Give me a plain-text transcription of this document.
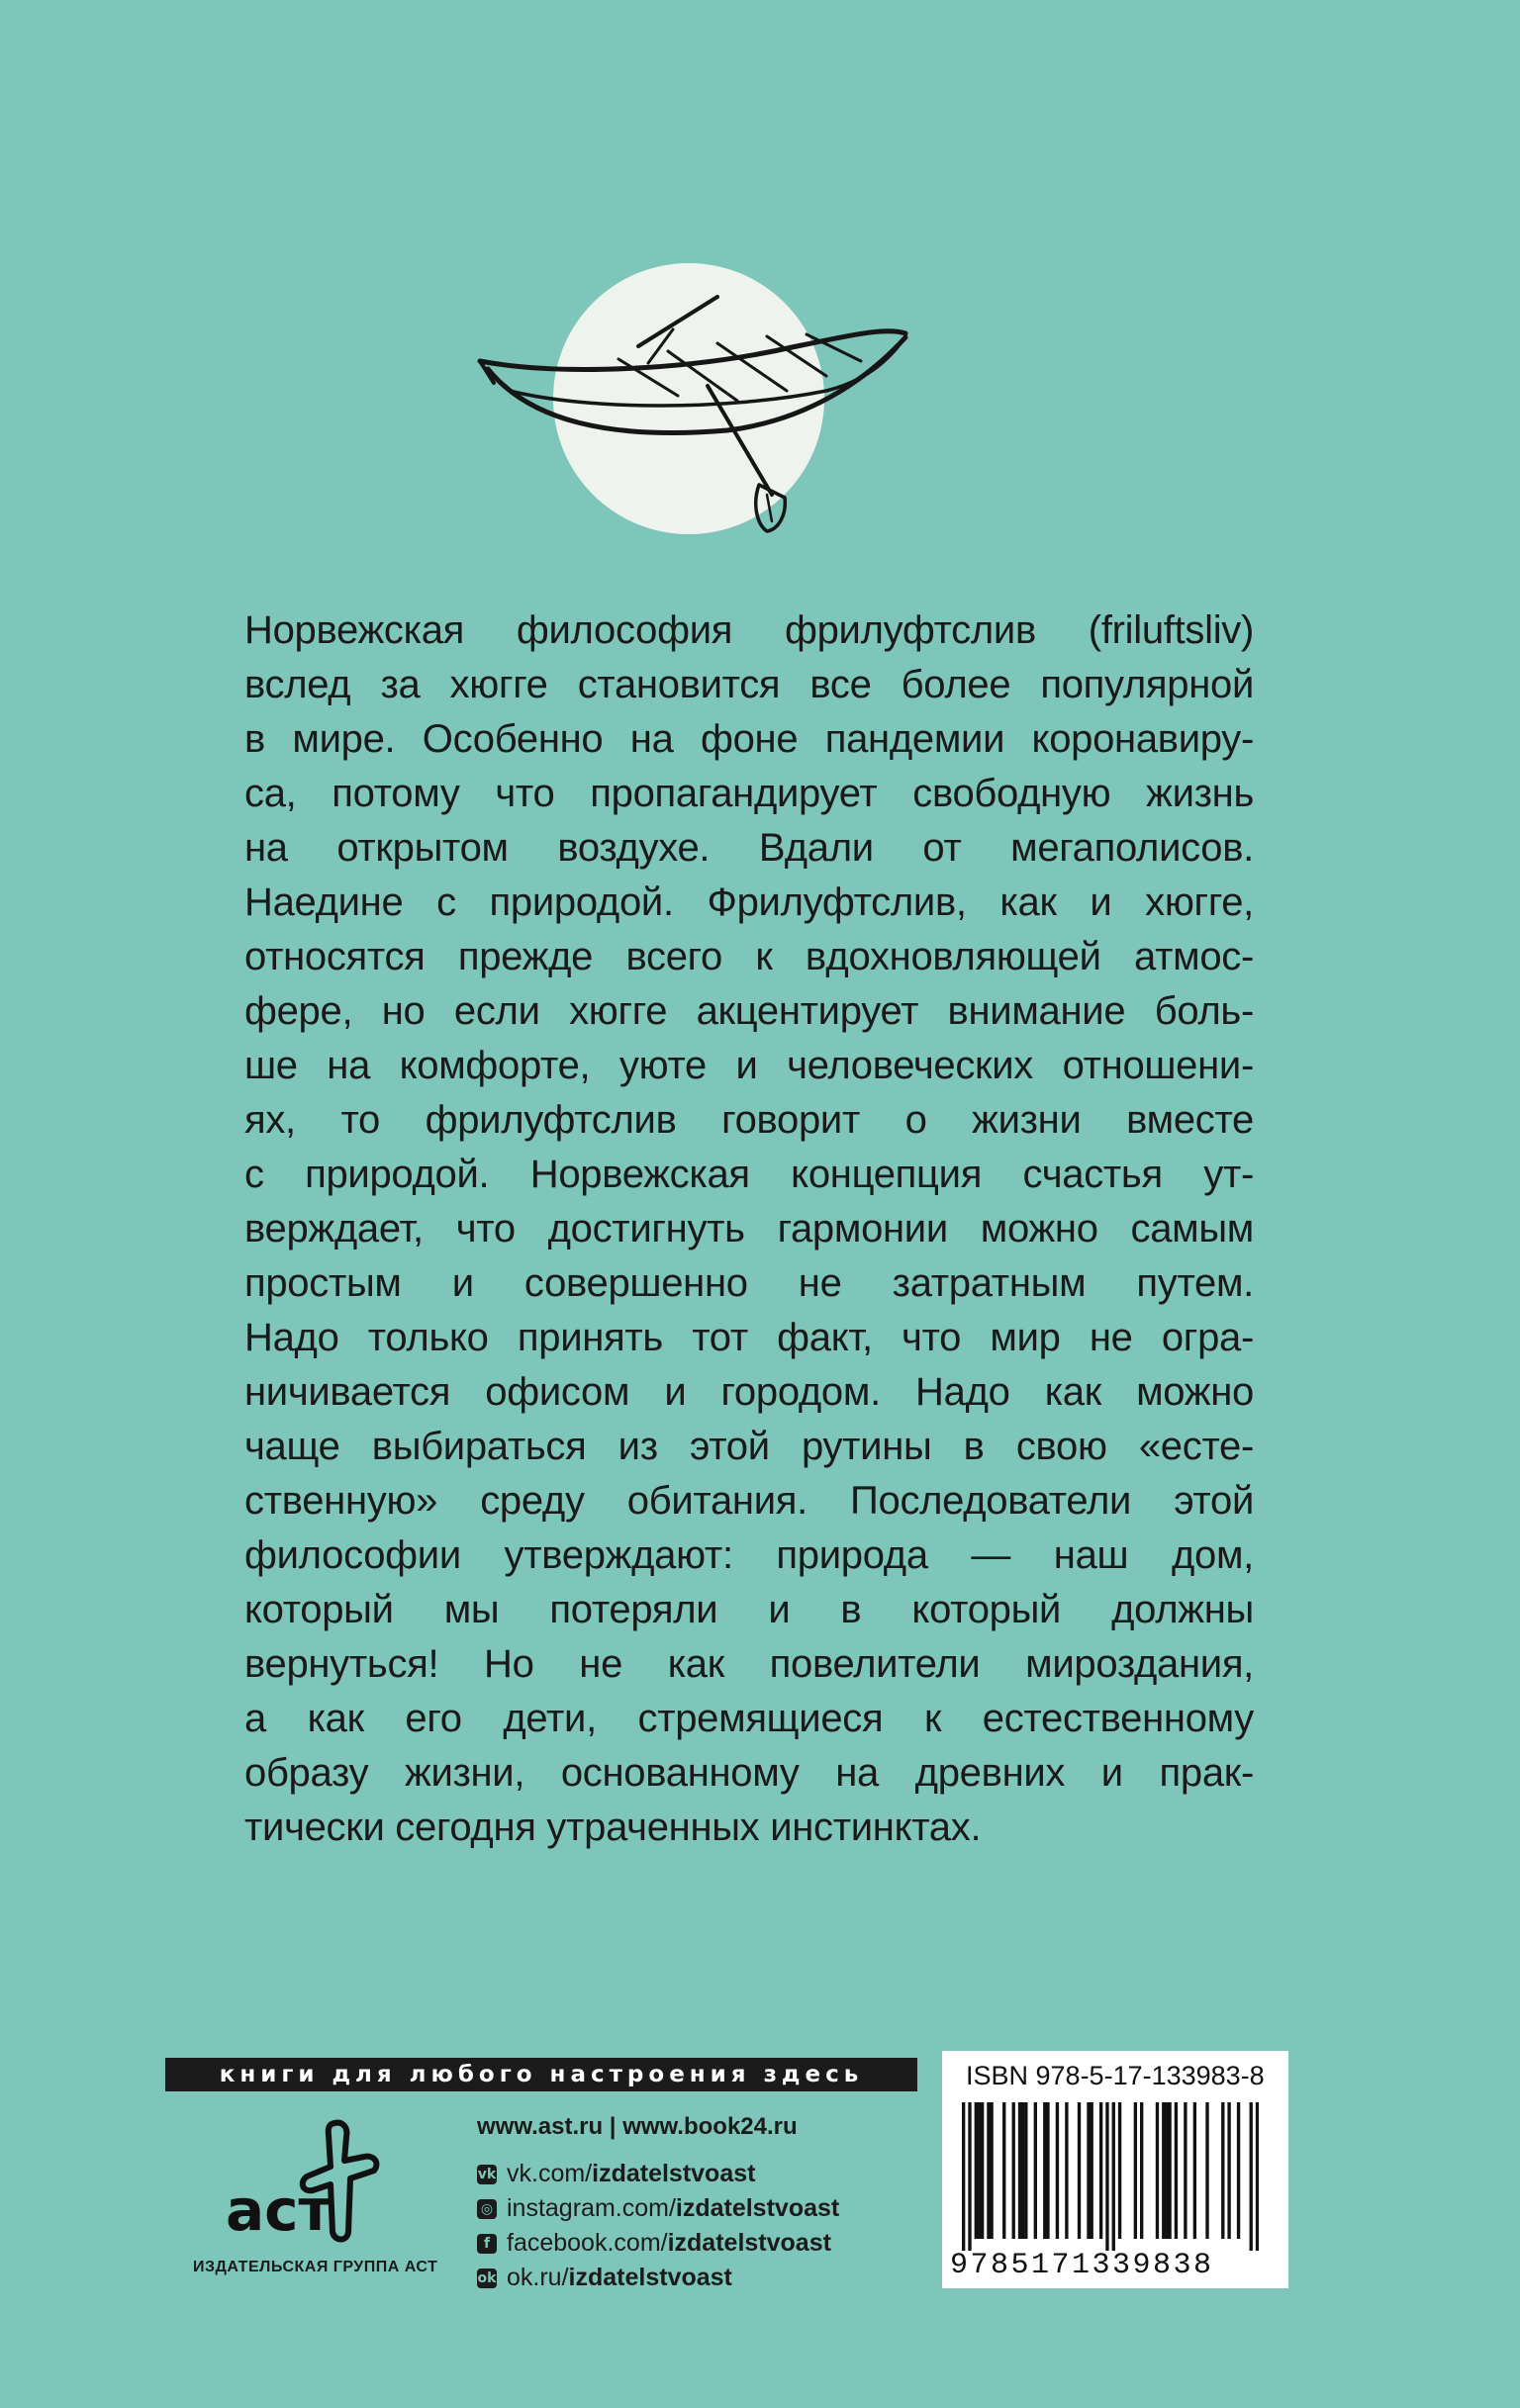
Норвежская философия фрилуфтслив (friluftsliv)
вслед за хюгге становится все более популярной
в мире. Особенно на фоне пандемии коронавиру-
са, потому что пропагандирует свободную жизнь
на открытом воздухе. Вдали от мегаполисов.
Наедине с природой. Фрилуфтслив, как и хюгге,
относятся прежде всего к вдохновляющей атмос-
фере, но если хюгге акцентирует внимание боль-
ше на комфорте, уюте и человеческих отношени-
ях, то фрилуфтслив говорит о жизни вместе
с природой. Норвежская концепция счастья ут-
верждает, что достигнуть гармонии можно самым
простым и совершенно не затратным путем.
Надо только принять тот факт, что мир не огра-
ничивается офисом и городом. Надо как можно
чаще выбираться из этой рутины в свою «есте-
ственную» среду обитания. Последователи этой
философии утверждают: природа — наш дом,
который мы потеряли и в который должны
вернуться! Но не как повелители мироздания,
а как его дети, стремящиеся к естественному
образу жизни, основанному на древних и прак-
тически сегодня утраченных инстинктах.
книги для любого настроения здесь
аст
ИЗДАТЕЛЬСКАЯ ГРУППА АСТ
www.ast.ru | www.book24.ru
vk vk.com/ izdatelstvoast
◎ instagram.com/ izdatelstvoast
f facebook.com/ izdatelstvoast
ok ok.ru/ izdatelstvoast
ISBN 978-5-17-133983-8
9785171339838
